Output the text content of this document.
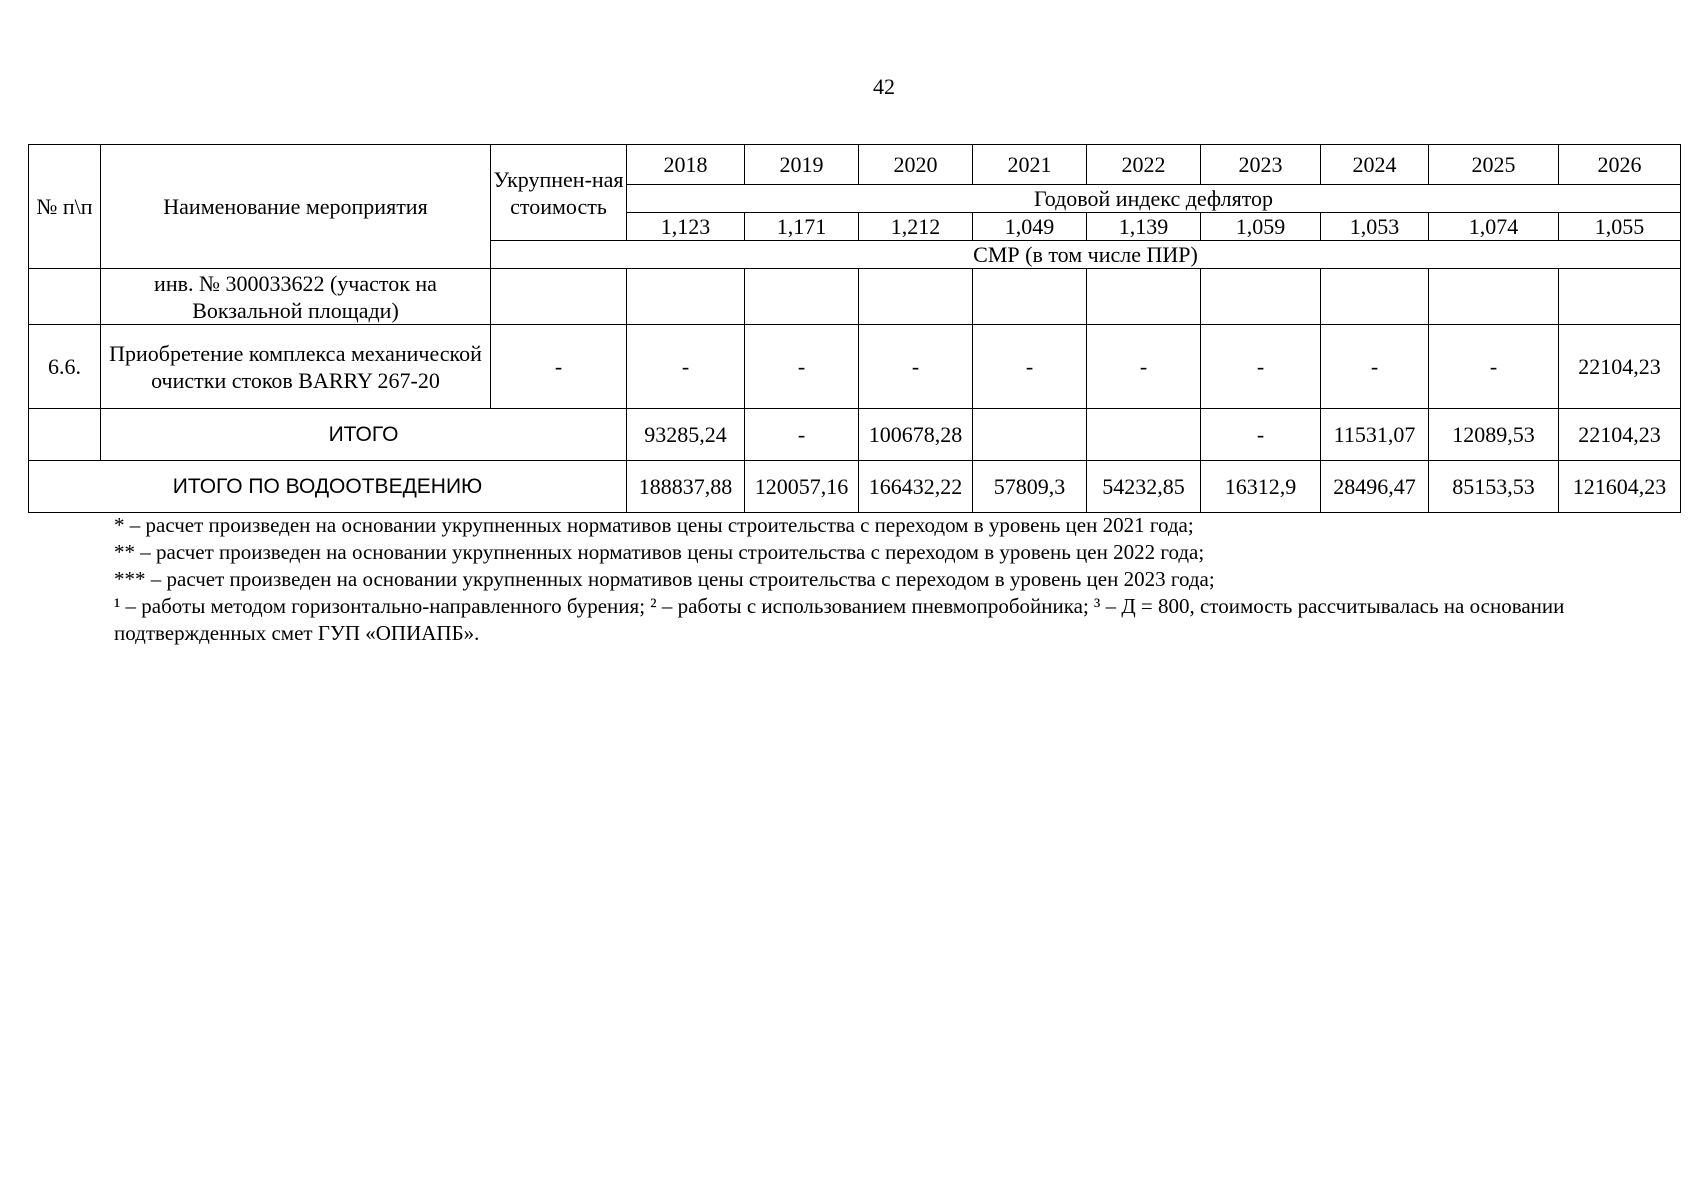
42
№ п\п	Наименование мероприятия	Укрупнен-ная стоимость	2018	2019	2020	2021	2022	2023	2024	2025	2026
			Годовой индекс дефлятор								
			1,123	1,171	1,212	1,049	1,139	1,059	1,053	1,074	1,055
		СМР (в том числе ПИР)									
	инв. № 300033622 (участок на Вокзальной площади)										
6.6.	Приобретение комплекса механической очистки стоков BARRY 267-20	-	-	-	-	-	-	-	-	-	22104,23
	ИТОГО		93285,24	-	100678,28			-	11531,07	12089,53	22104,23
ИТОГО ПО ВОДООТВЕДЕНИЮ			188837,88	120057,16	166432,22	57809,3	54232,85	16312,9	28496,47	85153,53	121604,23
* – расчет произведен на основании укрупненных нормативов цены строительства с переходом в уровень цен 2021 года;
** – расчет произведен на основании укрупненных нормативов цены строительства с переходом в уровень цен 2022 года;
*** – расчет произведен на основании укрупненных нормативов цены строительства с переходом в уровень цен 2023 года;
¹ – работы методом горизонтально-направленного бурения; ² – работы с использованием пневмопробойника; ³ – Д = 800, стоимость рассчитывалась на основании подтвержденных смет ГУП «ОПИАПБ».
